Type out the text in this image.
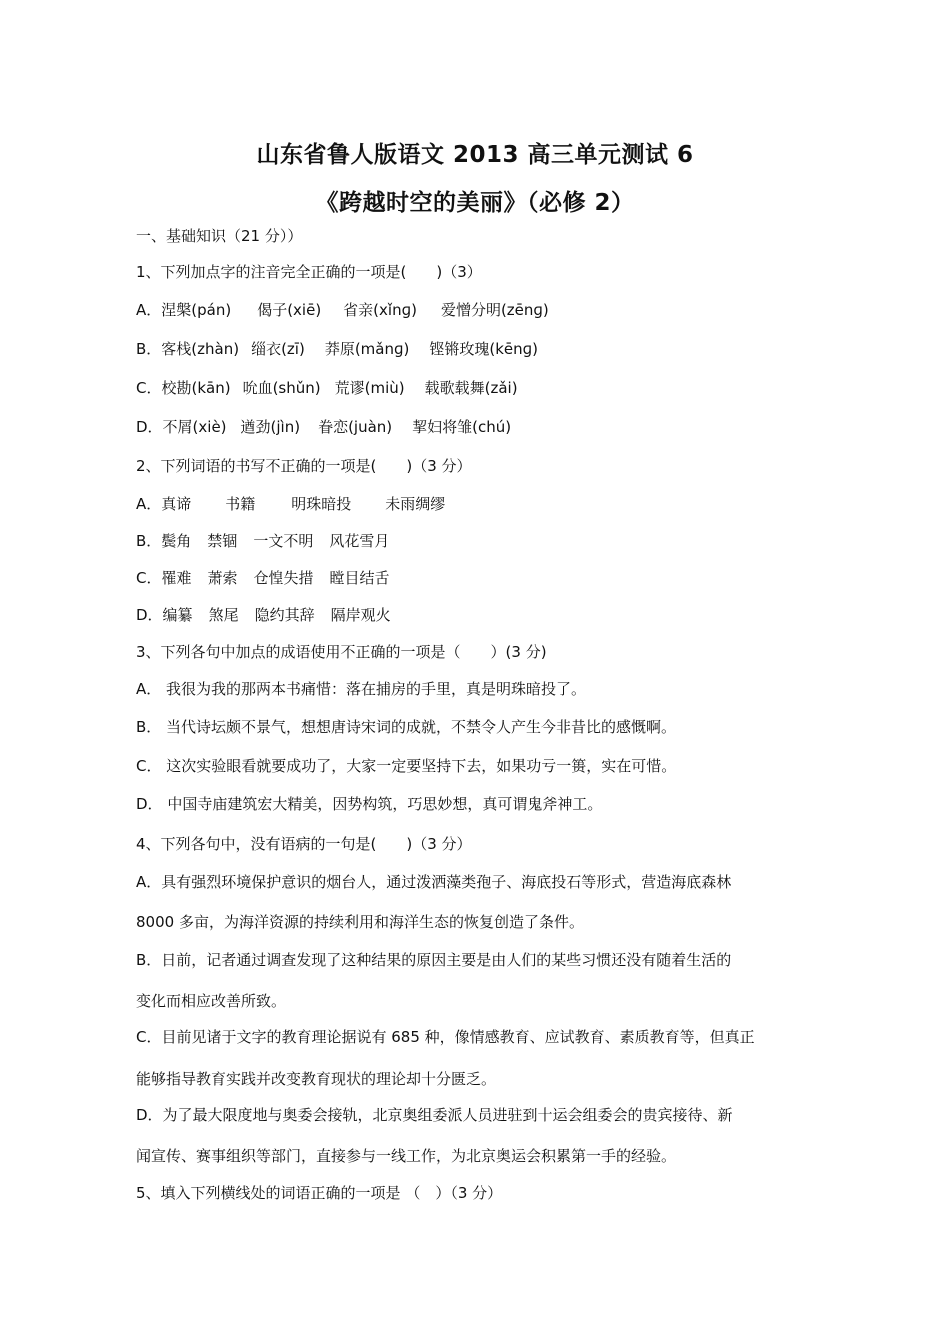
山东省鲁人版语文 2013 高三单元测试 6
《跨越时空的美丽》（必修 2）
一、基础知识（21 分））
1、下列加点字的注音完全正确的一项是(　　)（3）
A．涅槃(pán) 偈子(xiē) 省亲(xǐnɡ) 爱憎分明(zēnɡ)
B．客栈(zhàn) 缁衣(zī) 莽原(mǎnɡ) 铿锵玫瑰(kēnɡ)
C．校勘(kān) 吮血(shǔn) 荒谬(miù) 载歌载舞(zǎi)
D．不屑(xiè) 遒劲(jìn) 眷恋(juàn) 挈妇将雏(chú)
2、下列词语的书写不正确的一项是(　　)（3 分）
A．真谛 书籍 明珠暗投 未雨绸缪
B．鬓角 禁锢 一文不明 风花雪月
C．罹难 萧索 仓惶失措 瞠目结舌
D．编纂 煞尾 隐约其辞 隔岸观火
3、下列各句中加点的成语使用不正确的一项是（　　）(3 分)
A． 我很为我的那两本书痛惜：落在捕房的手里，真是明珠暗投了。
B． 当代诗坛颇不景气，想想唐诗宋词的成就，不禁令人产生今非昔比的感慨啊。
C． 这次实验眼看就要成功了，大家一定要坚持下去，如果功亏一篑，实在可惜。
D． 中国寺庙建筑宏大精美，因势构筑，巧思妙想，真可谓鬼斧神工。
4、下列各句中，没有语病的一句是(　　)（3 分）
A．具有强烈环境保护意识的烟台人，通过泼洒藻类孢子、海底投石等形式，营造海底森林
8000 多亩，为海洋资源的持续利用和海洋生态的恢复创造了条件。
B．日前，记者通过调查发现了这种结果的原因主要是由人们的某些习惯还没有随着生活的
变化而相应改善所致。
C．目前见诸于文字的教育理论据说有 685 种，像情感教育、应试教育、素质教育等，但真正
能够指导教育实践并改变教育现状的理论却十分匮乏。
D．为了最大限度地与奥委会接轨，北京奥组委派人员进驻到十运会组委会的贵宾接待、新
闻宣传、赛事组织等部门，直接参与一线工作，为北京奥运会积累第一手的经验。
5、填入下列横线处的词语正确的一项是 （　）（3 分）
